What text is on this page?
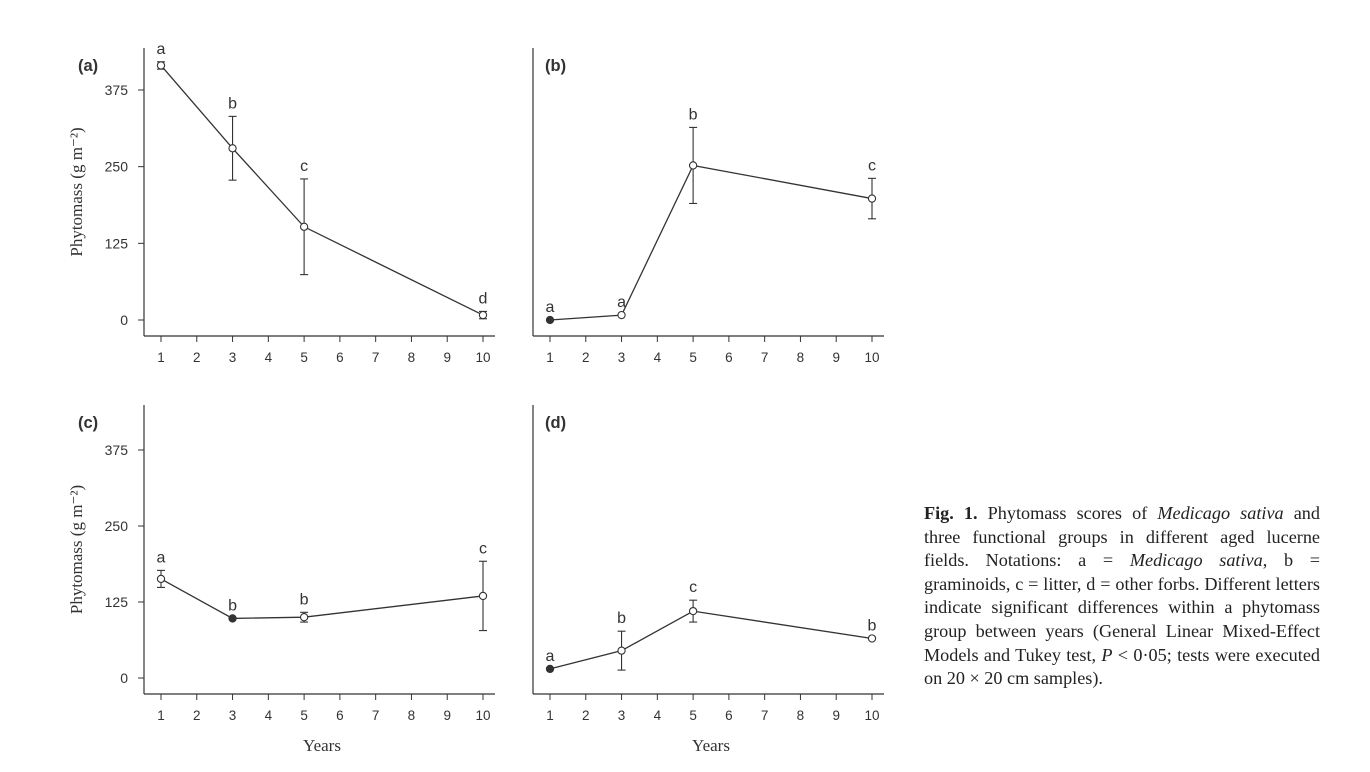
1 2 3 4 5 6 7 8 9 10
0
125
250
375
(a)
Phytomass (g m⁻²)
a
b
c
d
1 2 3 4 5 6 7 8 9 10
(b)
a	a
b
c
1 2 3 4 5 6 7 8 9 10
0
125
250
375
(c)
Phytomass (g m⁻²)
Years
a
b	b
c
1 2 3 4 5 6 7 8 9 10
(d)
Years
a
b
c
b
Fig. 1. Phytomass scores of Medicago sativa and three functional groups in different aged lucerne fields. Notations: a = Medicago sativa, b = graminoids, c = litter, d = other forbs. Different letters indicate significant differences within a phytomass group between years (General Linear Mixed-Effect Models and Tukey test, P < 0·05; tests were executed on 20 × 20 cm samples).
